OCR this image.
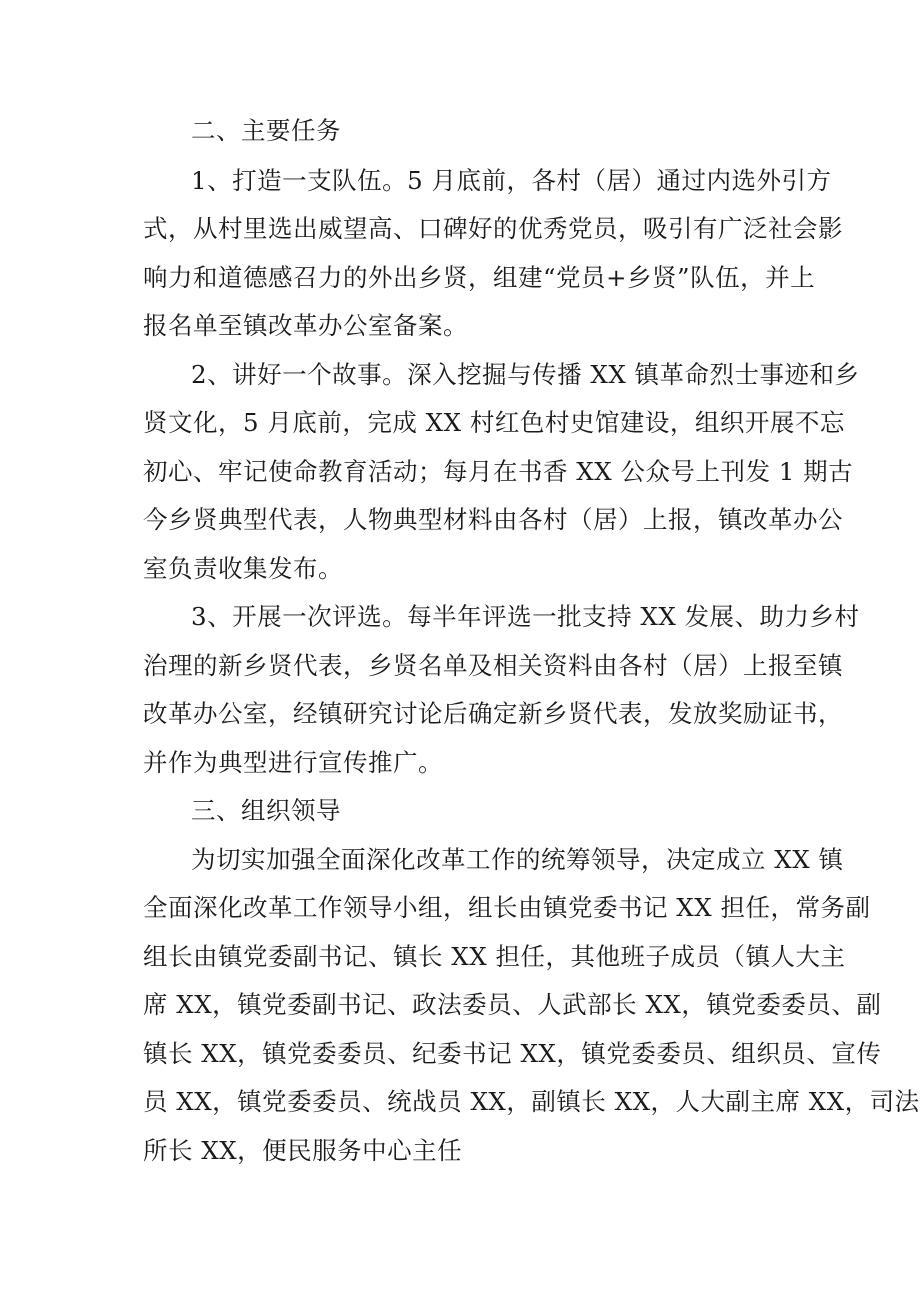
二、主要任务
1、打造一支队伍。5 月底前，各村（居）通过内选外引方
式，从村里选出威望高、口碑好的优秀党员，吸引有广泛社会影
响力和道德感召力的外出乡贤，组建“党员+乡贤”队伍，并上
报名单至镇改革办公室备案。
2、讲好一个故事。深入挖掘与传播 XX 镇革命烈士事迹和乡
贤文化，5 月底前，完成 XX 村红色村史馆建设，组织开展不忘
初心、牢记使命教育活动；每月在书香 XX 公众号上刊发 1 期古
今乡贤典型代表，人物典型材料由各村（居）上报，镇改革办公
室负责收集发布。
3、开展一次评选。每半年评选一批支持 XX 发展、助力乡村
治理的新乡贤代表，乡贤名单及相关资料由各村（居）上报至镇
改革办公室，经镇研究讨论后确定新乡贤代表，发放奖励证书，
并作为典型进行宣传推广。
三、组织领导
为切实加强全面深化改革工作的统筹领导，决定成立 XX 镇
全面深化改革工作领导小组，组长由镇党委书记 XX 担任，常务副
组长由镇党委副书记、镇长 XX 担任，其他班子成员（镇人大主
席 XX，镇党委副书记、政法委员、人武部长 XX，镇党委委员、副
镇长 XX，镇党委委员、纪委书记 XX，镇党委委员、组织员、宣传
员 XX，镇党委委员、统战员 XX，副镇长 XX，人大副主席 XX，司法
所长 XX，便民服务中心主任
